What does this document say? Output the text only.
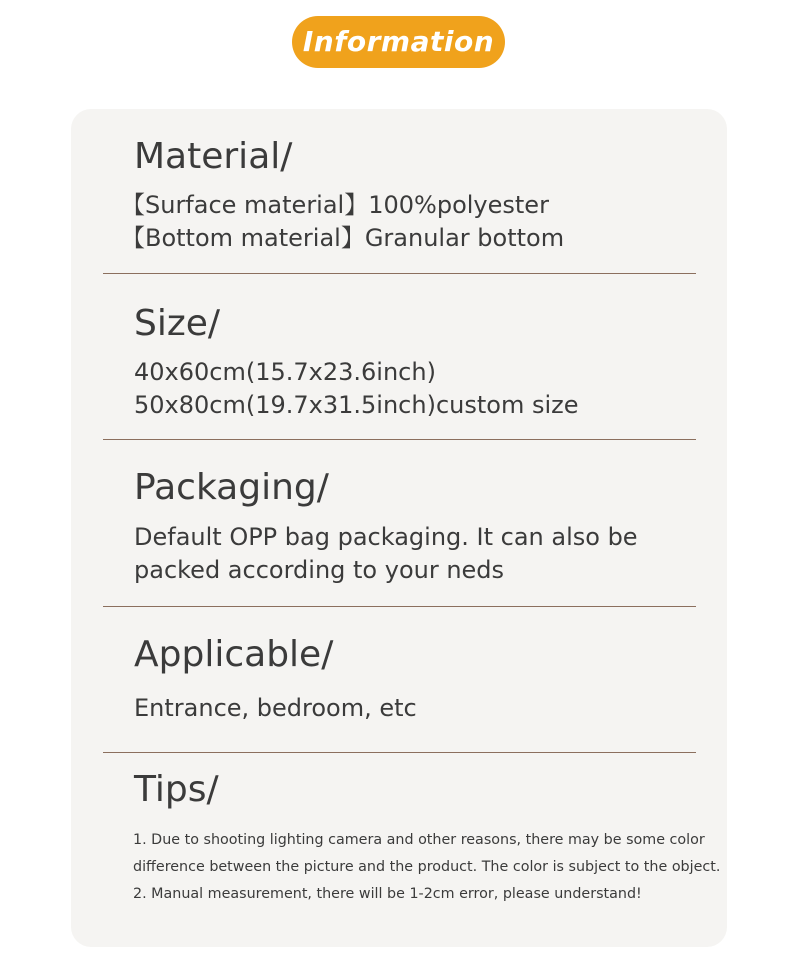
Information
Material/
【Surface material】100%polyester
【Bottom material】Granular bottom
Size/
40x60cm(15.7x23.6inch)
50x80cm(19.7x31.5inch)custom size
Packaging/
Default OPP bag packaging. It can also be
packed according to your neds
Applicable/
Entrance, bedroom, etc
Tips/
1. Due to shooting lighting camera and other reasons, there may be some color
difference between the picture and the product. The color is subject to the object.
2. Manual measurement, there will be 1-2cm error, please understand!
